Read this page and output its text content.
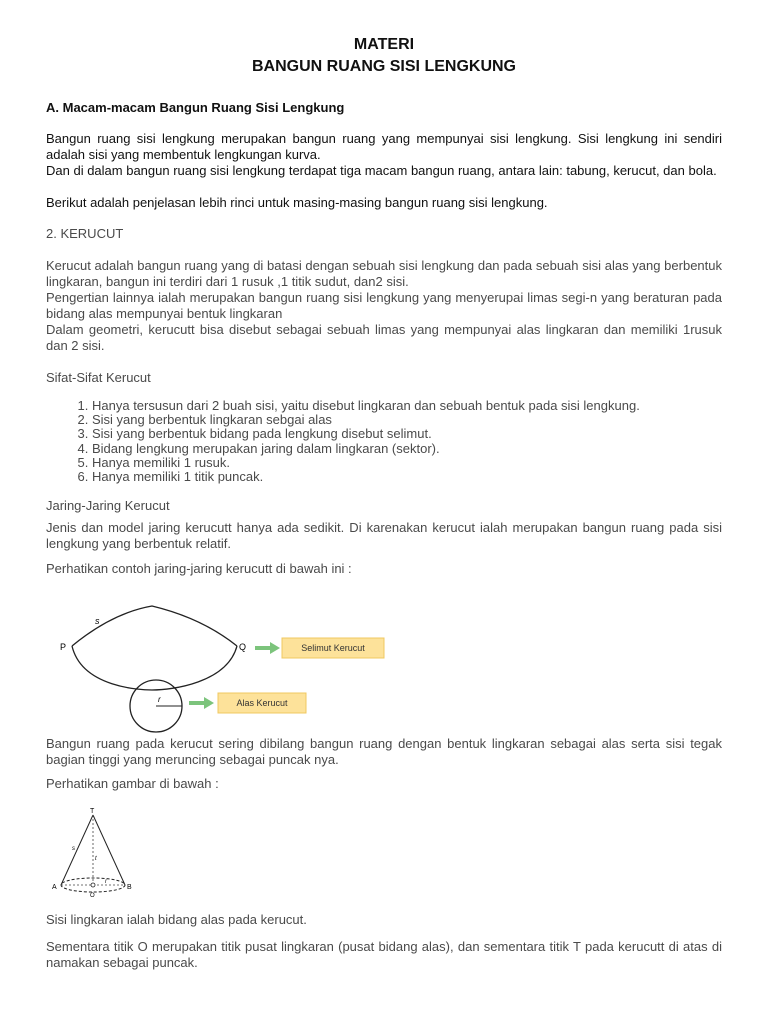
MATERI
BANGUN RUANG SISI LENGKUNG
A. Macam-macam Bangun Ruang Sisi Lengkung
Bangun ruang sisi lengkung merupakan bangun ruang yang mempunyai sisi lengkung. Sisi lengkung ini sendiri adalah sisi yang membentuk lengkungan kurva.
Dan di dalam bangun ruang sisi lengkung terdapat tiga macam bangun ruang, antara lain: tabung, kerucut, dan bola.
Berikut adalah penjelasan lebih rinci untuk masing-masing bangun ruang sisi lengkung.
2. KERUCUT
Kerucut adalah bangun ruang yang di batasi dengan sebuah sisi lengkung dan pada sebuah sisi alas yang berbentuk lingkaran, bangun ini terdiri dari 1 rusuk ,1 titik sudut, dan2 sisi.
Pengertian lainnya ialah merupakan bangun ruang sisi lengkung yang menyerupai limas segi-n yang beraturan pada bidang alas mempunyai bentuk lingkaran
Dalam geometri, kerucutt bisa disebut sebagai sebuah limas yang mempunyai alas lingkaran dan memiliki 1rusuk dan 2 sisi.
Sifat-Sifat Kerucut
1. Hanya tersusun dari 2 buah sisi, yaitu disebut lingkaran dan sebuah bentuk pada sisi lengkung.
2. Sisi yang berbentuk lingkaran sebgai alas
3. Sisi yang berbentuk bidang pada lengkung disebut selimut.
4. Bidang lengkung merupakan jaring dalam lingkaran (sektor).
5. Hanya memiliki 1 rusuk.
6. Hanya memiliki 1 titik puncak.
Jaring-Jaring Kerucut
Jenis dan model jaring kerucutt hanya ada sedikit. Di karenakan kerucut ialah merupakan bangun ruang pada sisi lengkung yang berbentuk relatif.
Perhatikan contoh jaring-jaring kerucutt di bawah ini :
P	Q
s
Selimut Kerucut
r	Alas Kerucut
Bangun ruang pada kerucut sering dibilang bangun ruang dengan bentuk lingkaran sebagai alas serta sisi tegak bagian tinggi yang meruncing sebagai puncak nya.
Perhatikan gambar di bawah :
T
A	B
O
s
t
r
Sisi lingkaran ialah bidang alas pada kerucut.
Sementara titik O merupakan titik pusat lingkaran (pusat bidang alas), dan sementara titik T pada kerucutt di atas di namakan sebagai puncak.
